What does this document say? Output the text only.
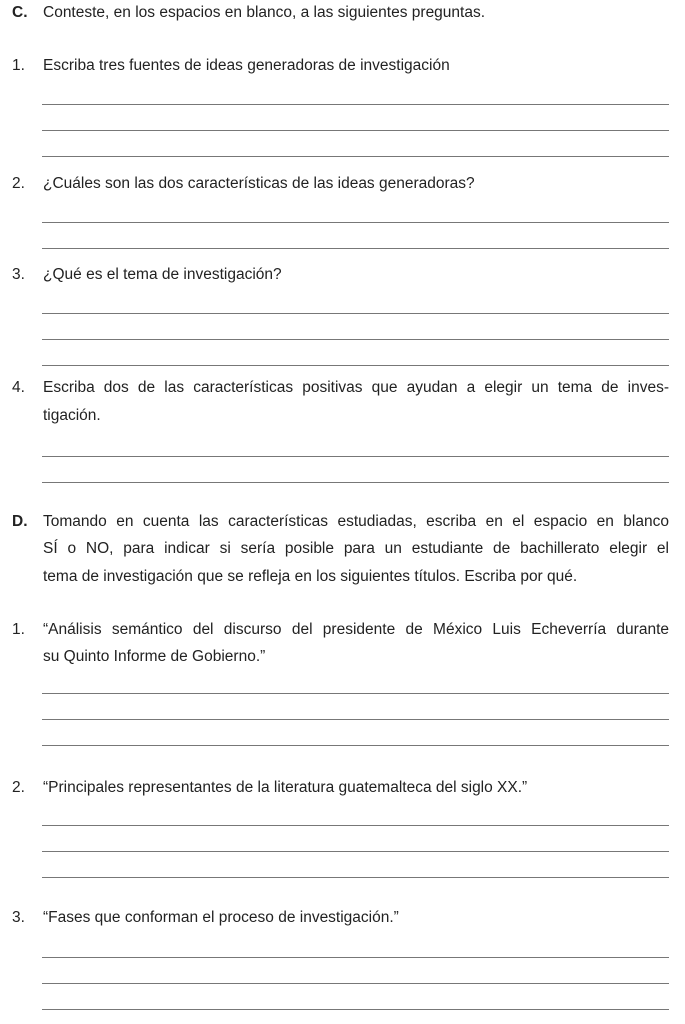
C. Conteste, en los espacios en blanco, a las siguientes preguntas.
1. Escriba tres fuentes de ideas generadoras de investigación
2. ¿Cuáles son las dos características de las ideas generadoras?
3. ¿Qué es el tema de investigación?
4. Escriba dos de las características positivas que ayudan a elegir un tema de inves-
tigación.
D. Tomando en cuenta las características estudiadas, escriba en el espacio en blanco
SÍ o NO, para indicar si sería posible para un estudiante de bachillerato elegir el
tema de investigación que se refleja en los siguientes títulos. Escriba por qué.
1. “Análisis semántico del discurso del presidente de México Luis Echeverría durante
su Quinto Informe de Gobierno.”
2. “Principales representantes de la literatura guatemalteca del siglo XX.”
3. “Fases que conforman el proceso de investigación.”
